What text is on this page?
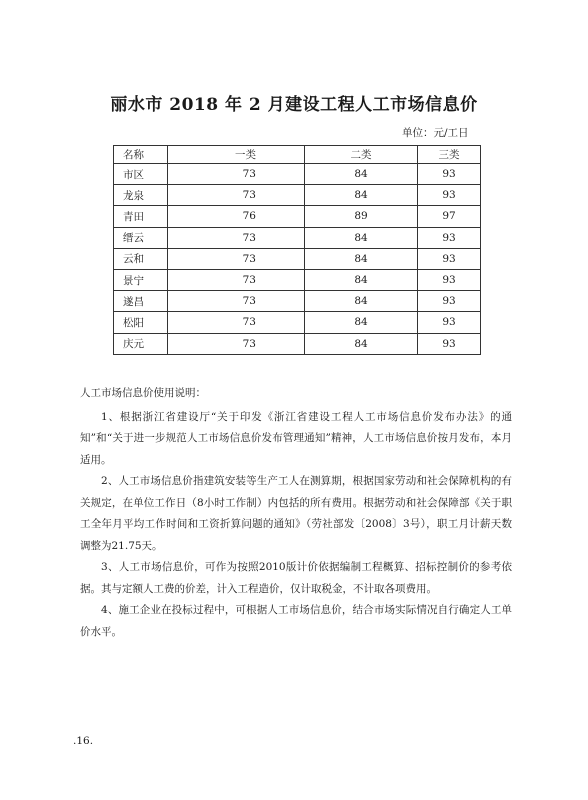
丽水市 2018 年 2 月建设工程人工市场信息价
单位：元/工日
名称	一类	二类	三类
市区	73	84	93
龙泉	73	84	93
青田	76	89	97
缙云	73	84	93
云和	73	84	93
景宁	73	84	93
遂昌	73	84	93
松阳	73	84	93
庆元	73	84	93

人工市场信息价使用说明：

1、根据浙江省建设厅“关于印发《浙江省建设工程人工市场信息价发布办法》的通知”和“关于进一步规范人工市场信息价发布管理通知”精神，人工市场信息价按月发布，本月适用。

2、人工市场信息价指建筑安装等生产工人在测算期，根据国家劳动和社会保障机构的有关规定，在单位工作日（8小时工作制）内包括的所有费用。根据劳动和社会保障部《关于职工全年月平均工作时间和工资折算问题的通知》（劳社部发〔2008〕3号），职工月计薪天数调整为21.75天。

3、人工市场信息价，可作为按照2010版计价依据编制工程概算、招标控制价的参考依据。其与定额人工费的价差，计入工程造价，仅计取税金，不计取各项费用。

4、施工企业在投标过程中，可根据人工市场信息价，结合市场实际情况自行确定人工单价水平。

.16.
